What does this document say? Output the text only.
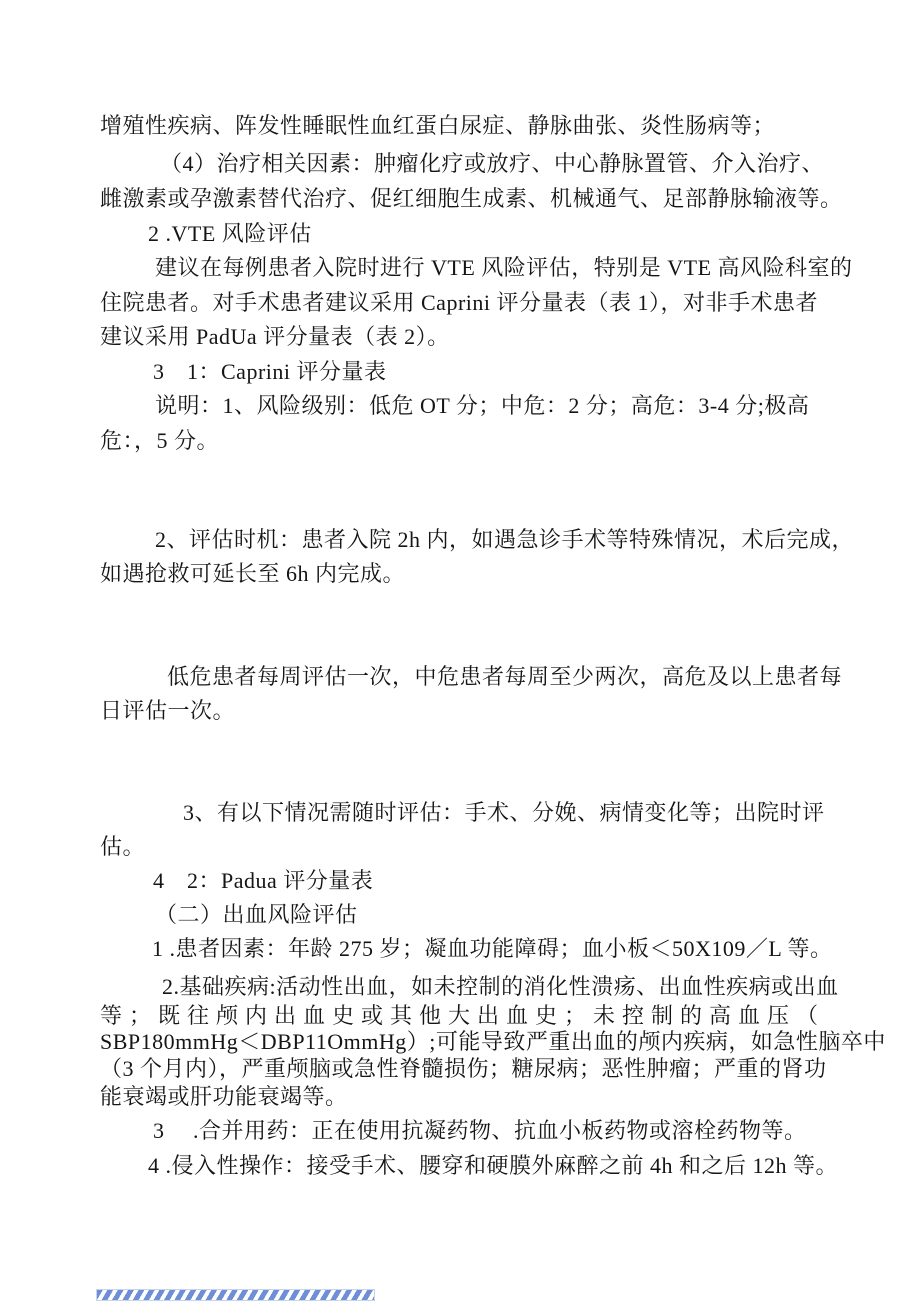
增殖性疾病、阵发性睡眠性血红蛋白尿症、静脉曲张、炎性肠病等；
（4）治疗相关因素：肿瘤化疗或放疗、中心静脉置管、介入治疗、
雌激素或孕激素替代治疗、促红细胞生成素、机械通气、足部静脉输液等。
2 .VTE 风险评估
建议在每例患者入院时进行 VTE 风险评估，特别是 VTE 高风险科室的
住院患者。对手术患者建议采用 Caprini 评分量表（表 1），对非手术患者
建议采用 PadUa 评分量表（表 2）。
3　1：Caprini 评分量表
说明：1、风险级别：低危 OT 分；中危：2 分；高危：3-4 分;极高
危：，5 分。
2、评估时机：患者入院 2h 内，如遇急诊手术等特殊情况，术后完成，
如遇抢救可延长至 6h 内完成。
低危患者每周评估一次，中危患者每周至少两次，高危及以上患者每
日评估一次。
3、有以下情况需随时评估：手术、分娩、病情变化等；出院时评
估。
4　2：Padua 评分量表
（二）出血风险评估
1 .患者因素：年龄 275 岁；凝血功能障碍；血小板＜50X109／L 等。
2.基础疾病:活动性出血，如未控制的消化性溃疡、出血性疾病或出血
等；既往颅内出血史或其他大出血史；未控制的高血压（
SBP180mmHg＜DBP11OmmHg）;可能导致严重出血的颅内疾病，如急性脑卒中
（3 个月内），严重颅脑或急性脊髓损伤；糖尿病；恶性肿瘤；严重的肾功
能衰竭或肝功能衰竭等。
3　 .合并用药：正在使用抗凝药物、抗血小板药物或溶栓药物等。
4 .侵入性操作：接受手术、腰穿和硬膜外麻醉之前 4h 和之后 12h 等。
